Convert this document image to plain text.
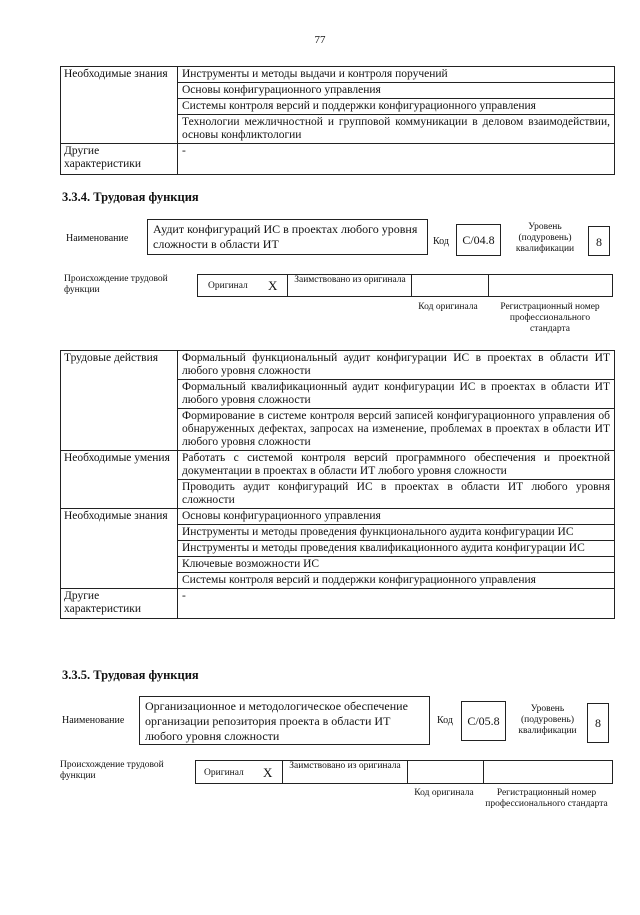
77
Необходимые знания	Инструменты и методы выдачи и контроля поручений
	Основы конфигурационного управления
	Системы контроля версий и поддержки конфигурационного управления
	Технологии межличностной и групповой коммуникации в деловом взаимодействии, основы конфликтологии
Другие характеристики	-
3.3.4. Трудовая функция
Наименование
Аудит конфигураций ИС в проектах любого уровня сложности в области ИТ	Код	C/04.8
Уровень (подуровень) квалификации	8
Происхождение трудовой функции	Оригинал X	Заимствовано из оригинала
Код оригинала	Регистрационный номер профессионального стандарта
Трудовые действия	Формальный функциональный аудит конфигурации ИС в проектах в области ИТ любого уровня сложности
	Формальный квалификационный аудит конфигурации ИС в проектах в области ИТ любого уровня сложности
	Формирование в системе контроля версий записей конфигурационного управления об обнаруженных дефектах, запросах на изменение, проблемах в проектах в области ИТ любого уровня сложности
Необходимые умения	Работать с системой контроля версий программного обеспечения и проектной документации в проектах в области ИТ любого уровня сложности
	Проводить аудит конфигураций ИС в проектах в области ИТ любого уровня сложности
Необходимые знания	Основы конфигурационного управления
	Инструменты и методы проведения функционального аудита конфигурации ИС
	Инструменты и методы проведения квалификационного аудита конфигурации ИС
	Ключевые возможности ИС
	Системы контроля версий и поддержки конфигурационного управления
Другие характеристики	-
3.3.5. Трудовая функция
Наименование
Организационное и методологическое обеспечение организации репозитория проекта в области ИТ любого уровня сложности
Код	C/05.8
Уровень (подуровень) квалификации
8
Происхождение трудовой функции	Оригинал X	Заимствовано из оригинала
Код оригинала	Регистрационный номер профессионального стандарта
